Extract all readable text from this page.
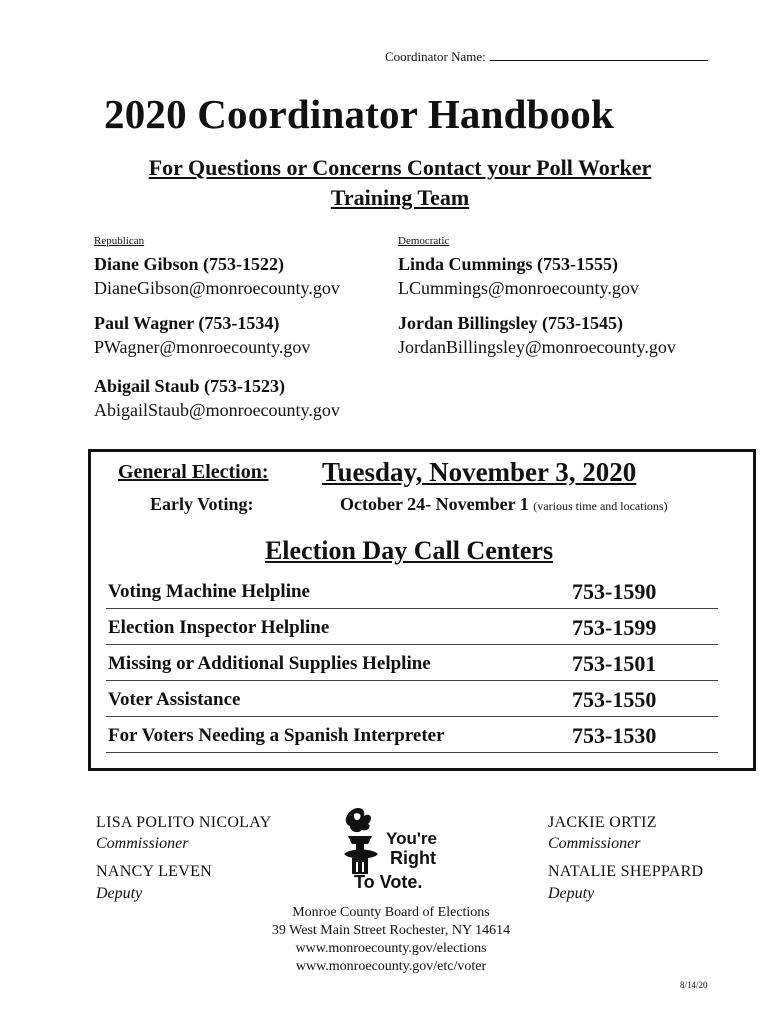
Coordinator Name:
2020 Coordinator Handbook
For Questions or Concerns Contact your Poll Worker
Training Team
Republican
Diane Gibson (753-1522)
DianeGibson@monroecounty.gov
Paul Wagner (753-1534)
PWagner@monroecounty.gov
Abigail Staub (753-1523)
AbigailStaub@monroecounty.gov
Democratic
Linda Cummings (753-1555)
LCummings@monroecounty.gov
Jordan Billingsley (753-1545)
JordanBillingsley@monroecounty.gov
General Election: Tuesday, November 3, 2020
Early Voting:	October 24- November 1 (various time and locations)
Election Day Call Centers
Voting Machine Helpline	753-1590
Election Inspector Helpline	753-1599
Missing or Additional Supplies Helpline	753-1501
Voter Assistance	753-1550
For Voters Needing a Spanish Interpreter	753-1530
LISA POLITO NICOLAY
Commissioner
NANCY LEVEN
Deputy
JACKIE ORTIZ
Commissioner
NATALIE SHEPPARD
Deputy
You're
Right
To Vote.
Monroe County Board of Elections
39 West Main Street Rochester, NY 14614
www.monroecounty.gov/elections
www.monroecounty.gov/etc/voter
8/14/20
